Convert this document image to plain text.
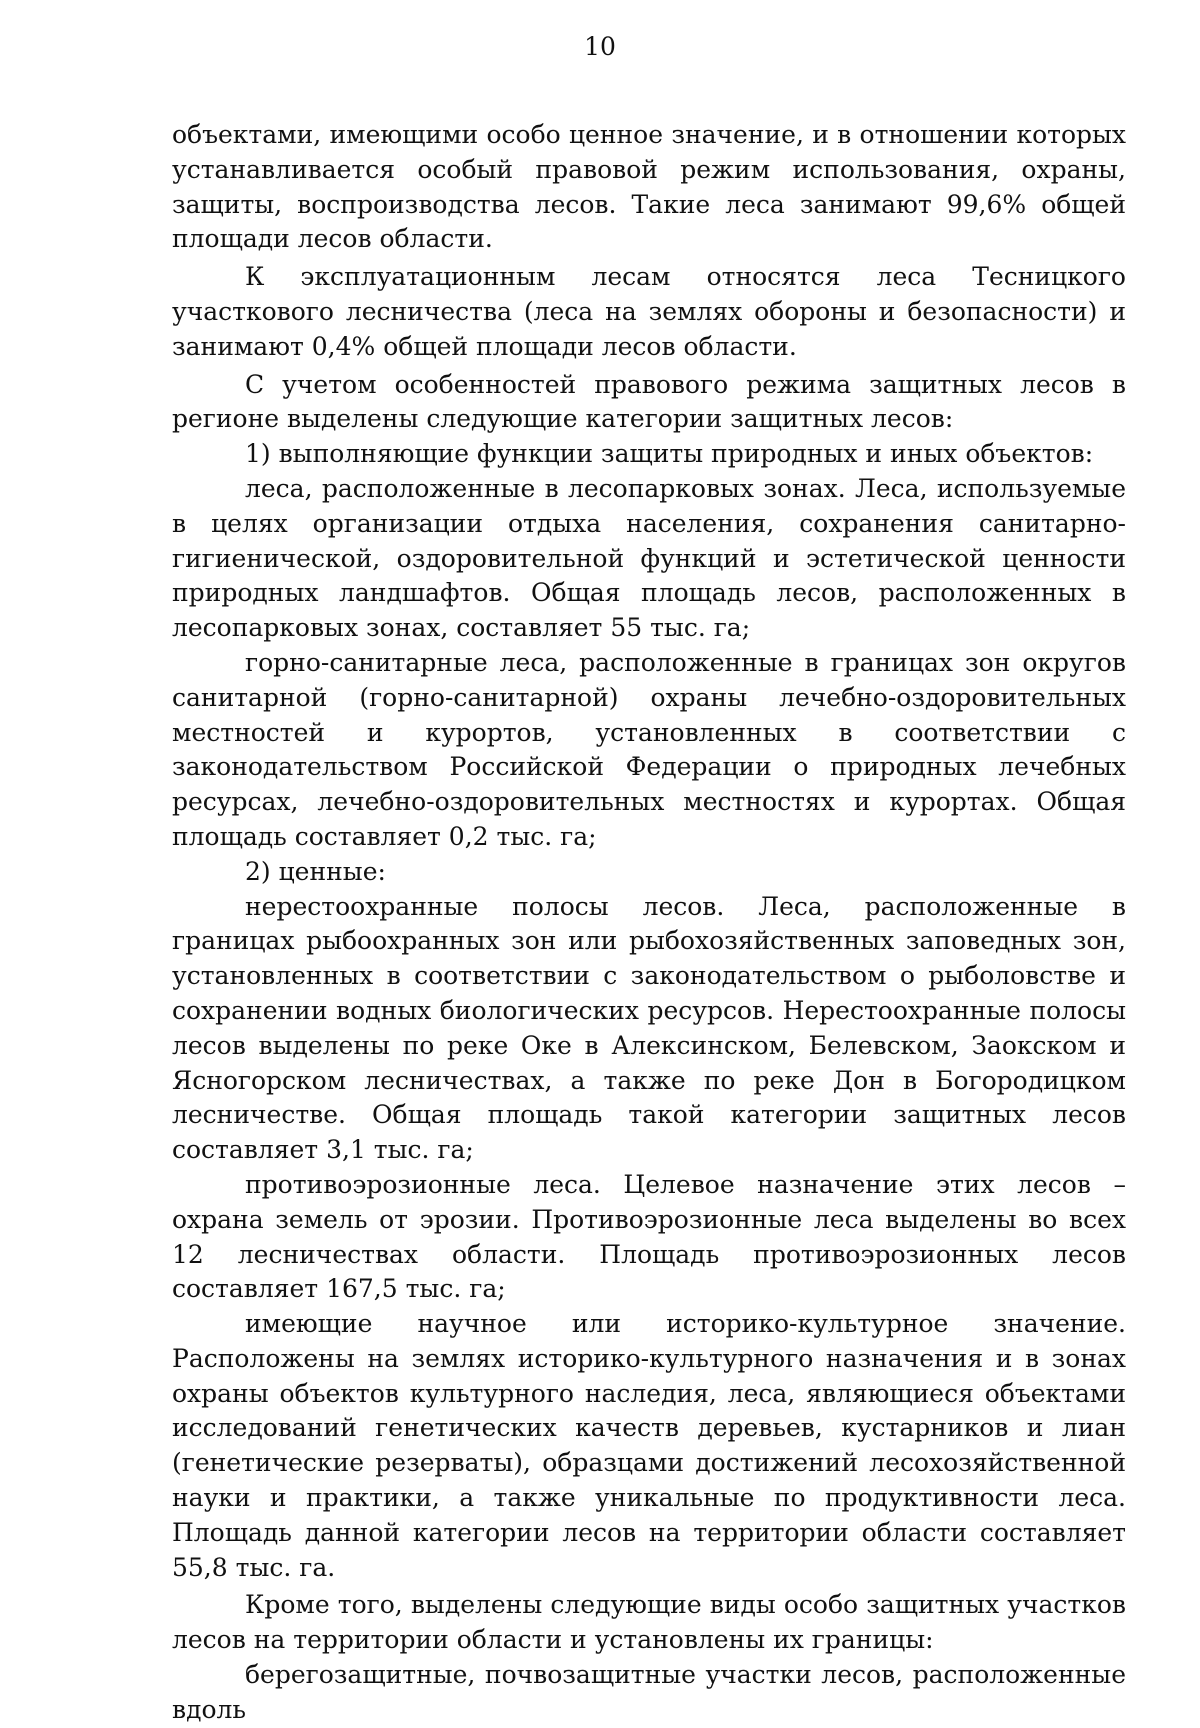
10

объектами, имеющими особо ценное значение, и в отношении которых устанавливается особый правовой режим использования, охраны, защиты, воспроизводства лесов. Такие леса занимают 99,6% общей площади лесов области.

К эксплуатационным лесам относятся леса Тесницкого участкового лесничества (леса на землях обороны и безопасности) и занимают 0,4% общей площади лесов области.

С учетом особенностей правового режима защитных лесов в регионе выделены следующие категории защитных лесов:

1) выполняющие функции защиты природных и иных объектов:

леса, расположенные в лесопарковых зонах. Леса, используемые в целях организации отдыха населения, сохранения санитарно-гигиенической, оздоровительной функций и эстетической ценности природных ландшафтов. Общая площадь лесов, расположенных в лесопарковых зонах, составляет 55 тыс. га;

горно-санитарные леса, расположенные в границах зон округов санитарной (горно-санитарной) охраны лечебно-оздоровительных местностей и курортов, установленных в соответствии с законодательством Российской Федерации о природных лечебных ресурсах, лечебно-оздоровительных местностях и курортах. Общая площадь составляет 0,2 тыс. га;

2) ценные:

нерестоохранные полосы лесов. Леса, расположенные в границах рыбоохранных зон или рыбохозяйственных заповедных зон, установленных в соответствии с законодательством о рыболовстве и сохранении водных биологических ресурсов. Нерестоохранные полосы лесов выделены по реке Оке в Алексинском, Белевском, Заокском и Ясногорском лесничествах, а также по реке Дон в Богородицком лесничестве. Общая площадь такой категории защитных лесов составляет 3,1 тыс. га;

противоэрозионные леса. Целевое назначение этих лесов – охрана земель от эрозии. Противоэрозионные леса выделены во всех 12 лесничествах области. Площадь противоэрозионных лесов составляет 167,5 тыс. га;

имеющие научное или историко-культурное значение. Расположены на землях историко-культурного назначения и в зонах охраны объектов культурного наследия, леса, являющиеся объектами исследований генетических качеств деревьев, кустарников и лиан (генетические резерваты), образцами достижений лесохозяйственной науки и практики, а также уникальные по продуктивности леса. Площадь данной категории лесов на территории области составляет 55,8 тыс. га.

Кроме того, выделены следующие виды особо защитных участков лесов на территории области и установлены их границы:

берегозащитные, почвозащитные участки лесов, расположенные вдоль
